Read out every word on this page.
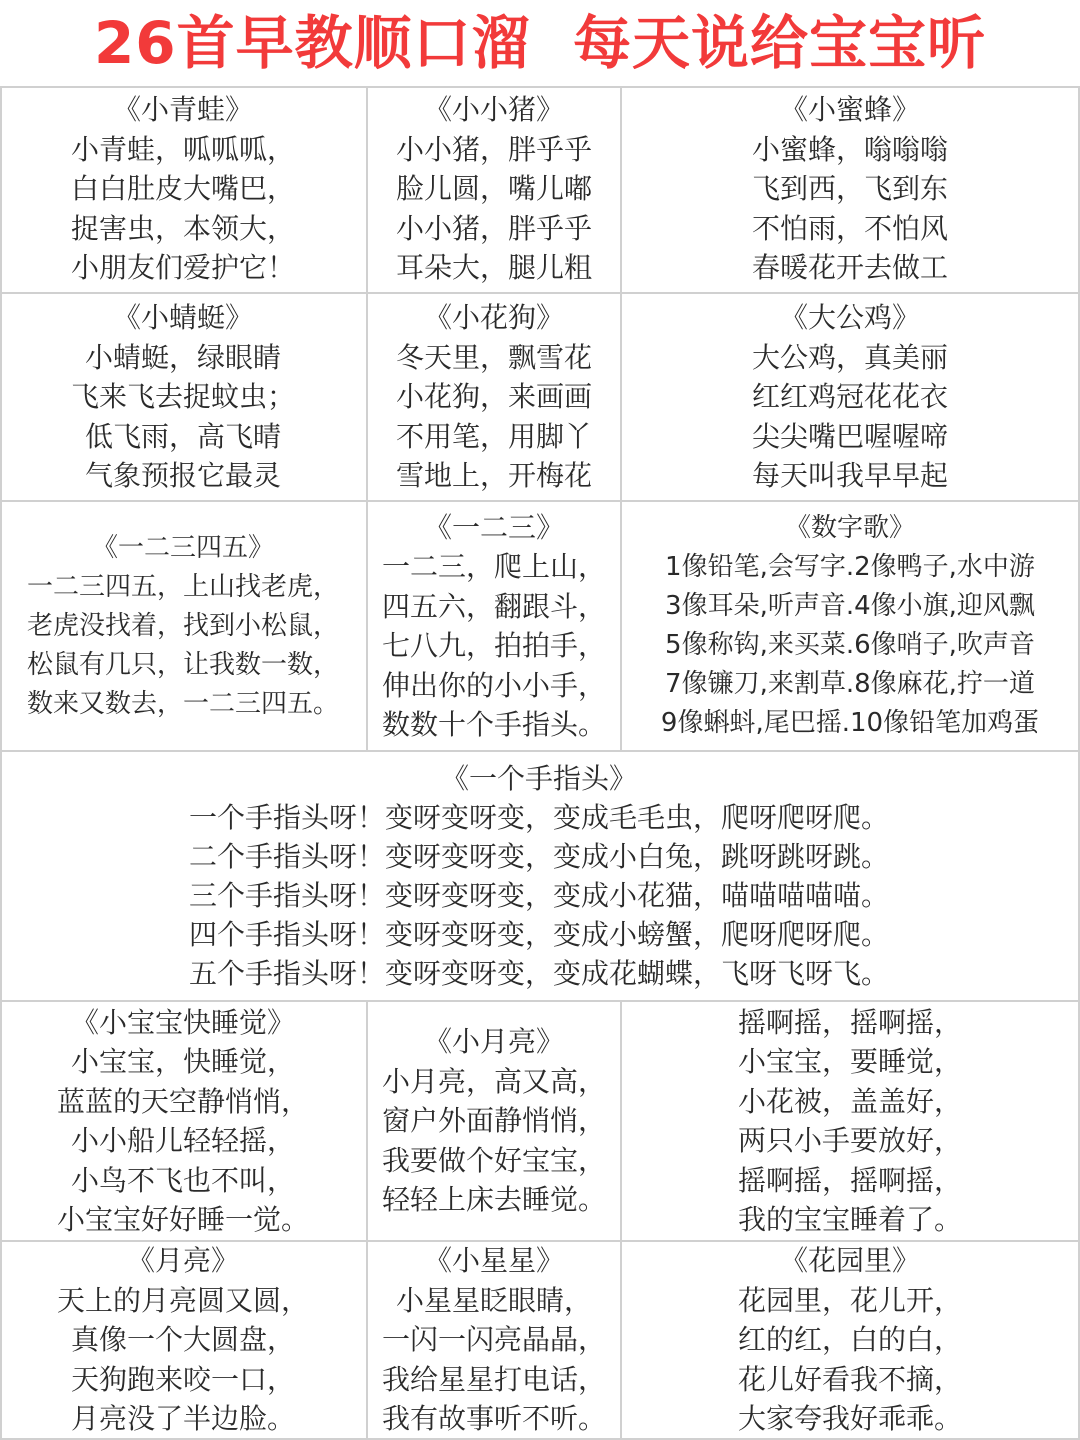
26首早教顺口溜  每天说给宝宝听
《小青蛙》
小青蛙，呱呱呱，
白白肚皮大嘴巴，
捉害虫，本领大，
小朋友们爱护它！
《小小猪》
小小猪，胖乎乎
脸儿圆，嘴儿嘟
小小猪，胖乎乎
耳朵大，腿儿粗
《小蜜蜂》
小蜜蜂，嗡嗡嗡
飞到西，飞到东
不怕雨，不怕风
春暖花开去做工
《小蜻蜓》
小蜻蜓，绿眼睛
飞来飞去捉蚊虫；
低飞雨，高飞晴
气象预报它最灵
《小花狗》
冬天里，飘雪花
小花狗，来画画
不用笔，用脚丫
雪地上，开梅花
《大公鸡》
大公鸡，真美丽
红红鸡冠花花衣
尖尖嘴巴喔喔啼
每天叫我早早起
《一二三四五》
一二三四五，上山找老虎，
老虎没找着，找到小松鼠，
松鼠有几只，让我数一数，
数来又数去，一二三四五。
《一二三》
一二三，爬上山，
四五六，翻跟斗，
七八九，拍拍手，
伸出你的小小手，
数数十个手指头。
《数字歌》
1像铅笔,会写字.2像鸭子,水中游
3像耳朵,听声音.4像小旗,迎风飘
5像称钩,来买菜.6像哨子,吹声音
7像镰刀,来割草.8像麻花,拧一道
9像蝌蚪,尾巴摇.10像铅笔加鸡蛋
《一个手指头》
一个手指头呀！变呀变呀变，变成毛毛虫，爬呀爬呀爬。
二个手指头呀！变呀变呀变，变成小白兔，跳呀跳呀跳。
三个手指头呀！变呀变呀变，变成小花猫，喵喵喵喵喵。
四个手指头呀！变呀变呀变，变成小螃蟹，爬呀爬呀爬。
五个手指头呀！变呀变呀变，变成花蝴蝶，飞呀飞呀飞。
《小宝宝快睡觉》
小宝宝，快睡觉，
蓝蓝的天空静悄悄，
小小船儿轻轻摇，
小鸟不飞也不叫，
小宝宝好好睡一觉。
《小月亮》
小月亮，高又高，
窗户外面静悄悄，
我要做个好宝宝，
轻轻上床去睡觉。
摇啊摇，摇啊摇，
小宝宝，要睡觉，
小花被，盖盖好，
两只小手要放好，
摇啊摇，摇啊摇，
我的宝宝睡着了。
《月亮》
天上的月亮圆又圆，
真像一个大圆盘，
天狗跑来咬一口，
月亮没了半边脸。
《小星星》
小星星眨眼睛，
一闪一闪亮晶晶，
我给星星打电话，
我有故事听不听。
《花园里》
花园里，花儿开，
红的红，白的白，
花儿好看我不摘，
大家夸我好乖乖。
